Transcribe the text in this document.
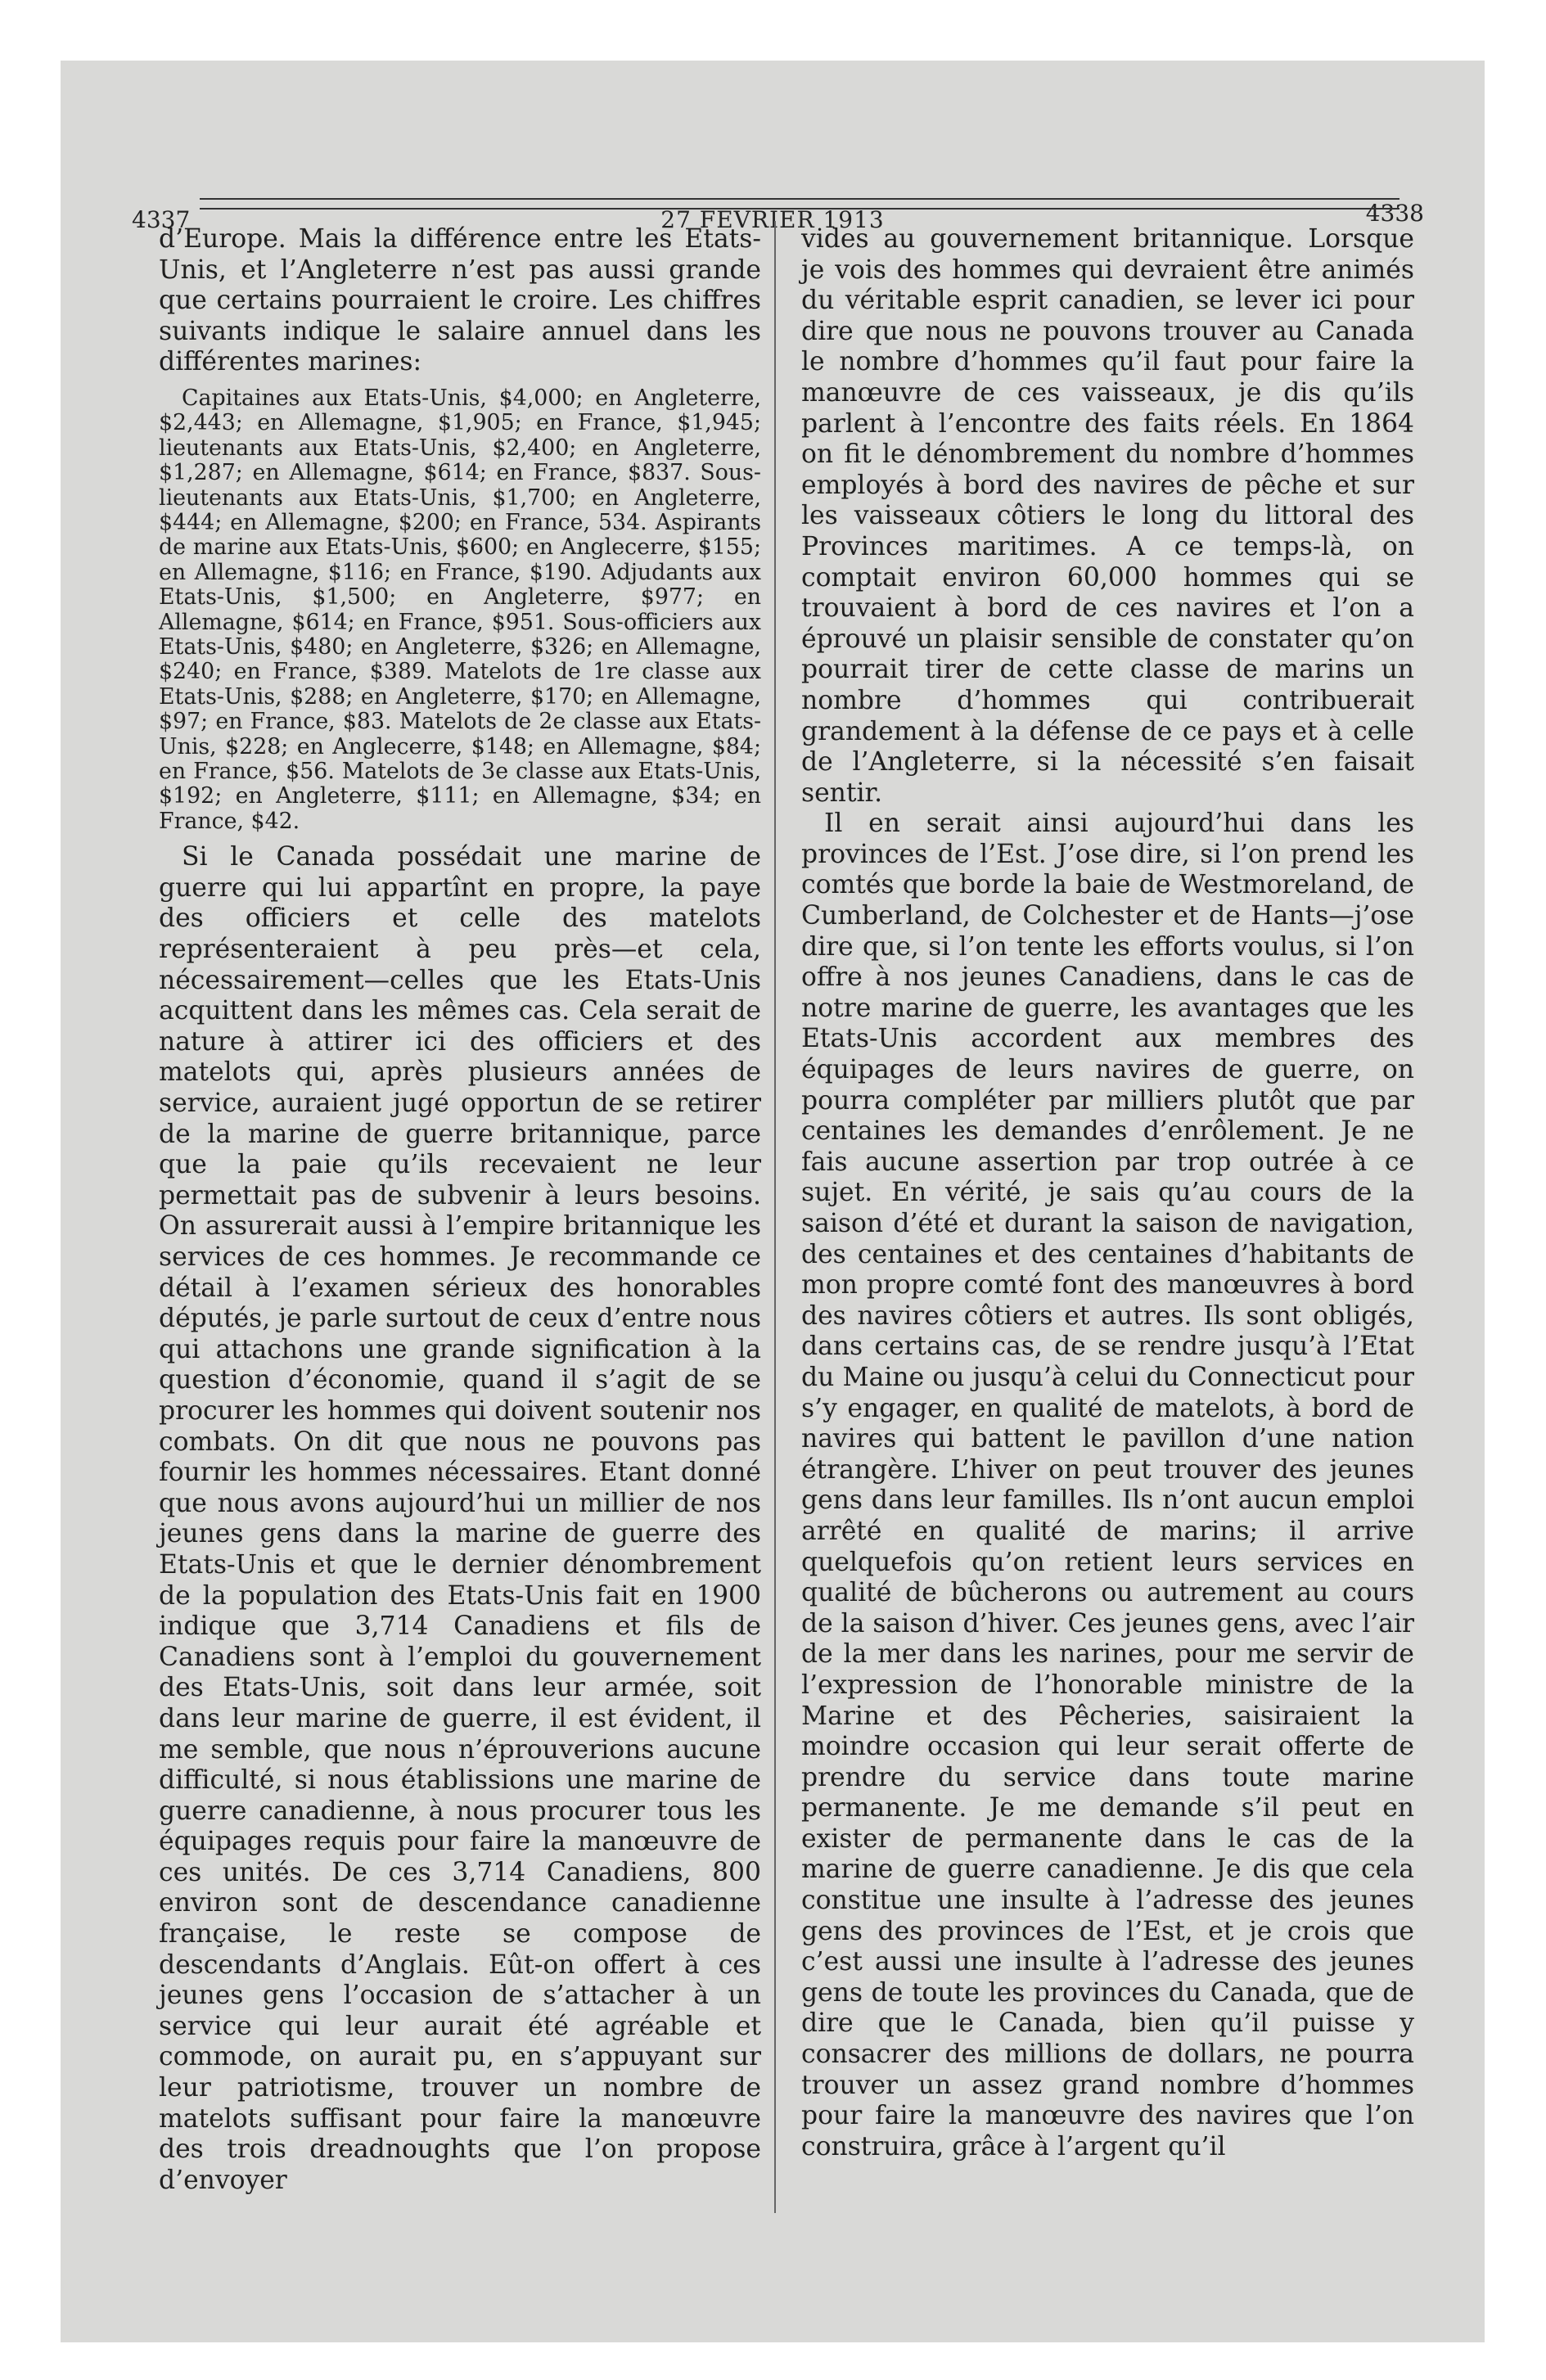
4337	27 FEVRIER 1913	4338

d’Europe. Mais la différence entre les Etats-Unis, et l’Angleterre n’est pas aussi grande que certains pourraient le croire. Les chiffres suivants indique le salaire annuel dans les différentes marines:

Capitaines aux Etats-Unis, $4,000; en Angleterre, $2,443; en Allemagne, $1,905; en France, $1,945; lieutenants aux Etats-Unis, $2,400; en Angleterre, $1,287; en Allemagne, $614; en France, $837. Sous-lieutenants aux Etats-Unis, $1,700; en Angleterre, $444; en Allemagne, $200; en France, 534. Aspirants de marine aux Etats-Unis, $600; en Anglecerre, $155; en Allemagne, $116; en France, $190. Adjudants aux Etats-Unis, $1,500; en Angleterre, $977; en Allemagne, $614; en France, $951. Sous-officiers aux Etats-Unis, $480; en Angleterre, $326; en Allemagne, $240; en France, $389. Matelots de 1re classe aux Etats-Unis, $288; en Angleterre, $170; en Allemagne, $97; en France, $83. Matelots de 2e classe aux Etats-Unis, $228; en Anglecerre, $148; en Allemagne, $84; en France, $56. Matelots de 3e classe aux Etats-Unis, $192; en Angleterre, $111; en Allemagne, $34; en France, $42.

Si le Canada possédait une marine de guerre qui lui appartînt en propre, la paye des officiers et celle des matelots représenteraient à peu près—et cela, nécessairement—celles que les Etats-Unis acquittent dans les mêmes cas. Cela serait de nature à attirer ici des officiers et des matelots qui, après plusieurs années de service, auraient jugé opportun de se retirer de la marine de guerre britannique, parce que la paie qu’ils recevaient ne leur permettait pas de subvenir à leurs besoins. On assurerait aussi à l’empire britannique les services de ces hommes. Je recommande ce détail à l’examen sérieux des honorables députés, je parle surtout de ceux d’entre nous qui attachons une grande signification à la question d’économie, quand il s’agit de se procurer les hommes qui doivent soutenir nos combats. On dit que nous ne pouvons pas fournir les hommes nécessaires. Etant donné que nous avons aujourd’hui un millier de nos jeunes gens dans la marine de guerre des Etats-Unis et que le dernier dénombrement de la population des Etats-Unis fait en 1900 indique que 3,714 Canadiens et fils de Canadiens sont à l’emploi du gouvernement des Etats-Unis, soit dans leur armée, soit dans leur marine de guerre, il est évident, il me semble, que nous n’éprouverions aucune difficulté, si nous établissions une marine de guerre canadienne, à nous procurer tous les équipages requis pour faire la manœuvre de ces unités. De ces 3,714 Canadiens, 800 environ sont de descendance canadienne française, le reste se compose de descendants d’Anglais. Eût-on offert à ces jeunes gens l’occasion de s’attacher à un service qui leur aurait été agréable et commode, on aurait pu, en s’appuyant sur leur patriotisme, trouver un nombre de matelots suffisant pour faire la manœuvre des trois dreadnoughts que l’on propose d’envoyer

vides au gouvernement britannique. Lorsque je vois des hommes qui devraient être animés du véritable esprit canadien, se lever ici pour dire que nous ne pouvons trouver au Canada le nombre d’hommes qu’il faut pour faire la manœuvre de ces vaisseaux, je dis qu’ils parlent à l’encontre des faits réels. En 1864 on fit le dénombrement du nombre d’hommes employés à bord des navires de pêche et sur les vaisseaux côtiers le long du littoral des Provinces maritimes. A ce temps-là, on comptait environ 60,000 hommes qui se trouvaient à bord de ces navires et l’on a éprouvé un plaisir sensible de constater qu’on pourrait tirer de cette classe de marins un nombre d’hommes qui contribuerait grandement à la défense de ce pays et à celle de l’Angleterre, si la nécessité s’en faisait sentir.

Il en serait ainsi aujourd’hui dans les provinces de l’Est. J’ose dire, si l’on prend les comtés que borde la baie de Westmoreland, de Cumberland, de Colchester et de Hants—j’ose dire que, si l’on tente les efforts voulus, si l’on offre à nos jeunes Canadiens, dans le cas de notre marine de guerre, les avantages que les Etats-Unis accordent aux membres des équipages de leurs navires de guerre, on pourra compléter par milliers plutôt que par centaines les demandes d’enrôlement. Je ne fais aucune assertion par trop outrée à ce sujet. En vérité, je sais qu’au cours de la saison d’été et durant la saison de navigation, des centaines et des centaines d’habitants de mon propre comté font des manœuvres à bord des navires côtiers et autres. Ils sont obligés, dans certains cas, de se rendre jusqu’à l’Etat du Maine ou jusqu’à celui du Connecticut pour s’y engager, en qualité de matelots, à bord de navires qui battent le pavillon d’une nation étrangère. L’hiver on peut trouver des jeunes gens dans leur familles. Ils n’ont aucun emploi arrêté en qualité de marins; il arrive quelquefois qu’on retient leurs services en qualité de bûcherons ou autrement au cours de la saison d’hiver. Ces jeunes gens, avec l’air de la mer dans les narines, pour me servir de l’expression de l’honorable ministre de la Marine et des Pêcheries, saisiraient la moindre occasion qui leur serait offerte de prendre du service dans toute marine permanente. Je me demande s’il peut en exister de permanente dans le cas de la marine de guerre canadienne. Je dis que cela constitue une insulte à l’adresse des jeunes gens des provinces de l’Est, et je crois que c’est aussi une insulte à l’adresse des jeunes gens de toute les provinces du Canada, que de dire que le Canada, bien qu’il puisse y consacrer des millions de dollars, ne pourra trouver un assez grand nombre d’hommes pour faire la manœuvre des navires que l’on construira, grâce à l’argent qu’il
